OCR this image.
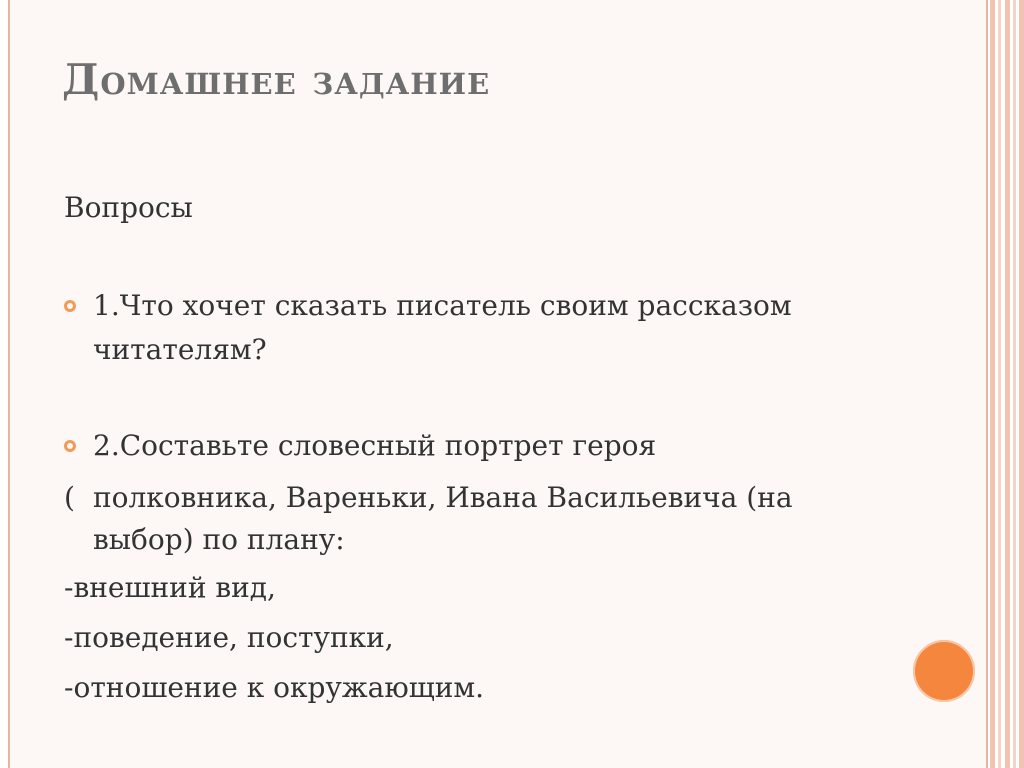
Домашнее задание
Вопросы

1.Что хочет сказать писатель своим рассказом

читателям?

2.Составьте словесный портрет героя

( полковника, Вареньки, Ивана Васильевича (на

выбор) по плану:

-внешний вид,

-поведение, поступки,

-отношение к окружающим.
